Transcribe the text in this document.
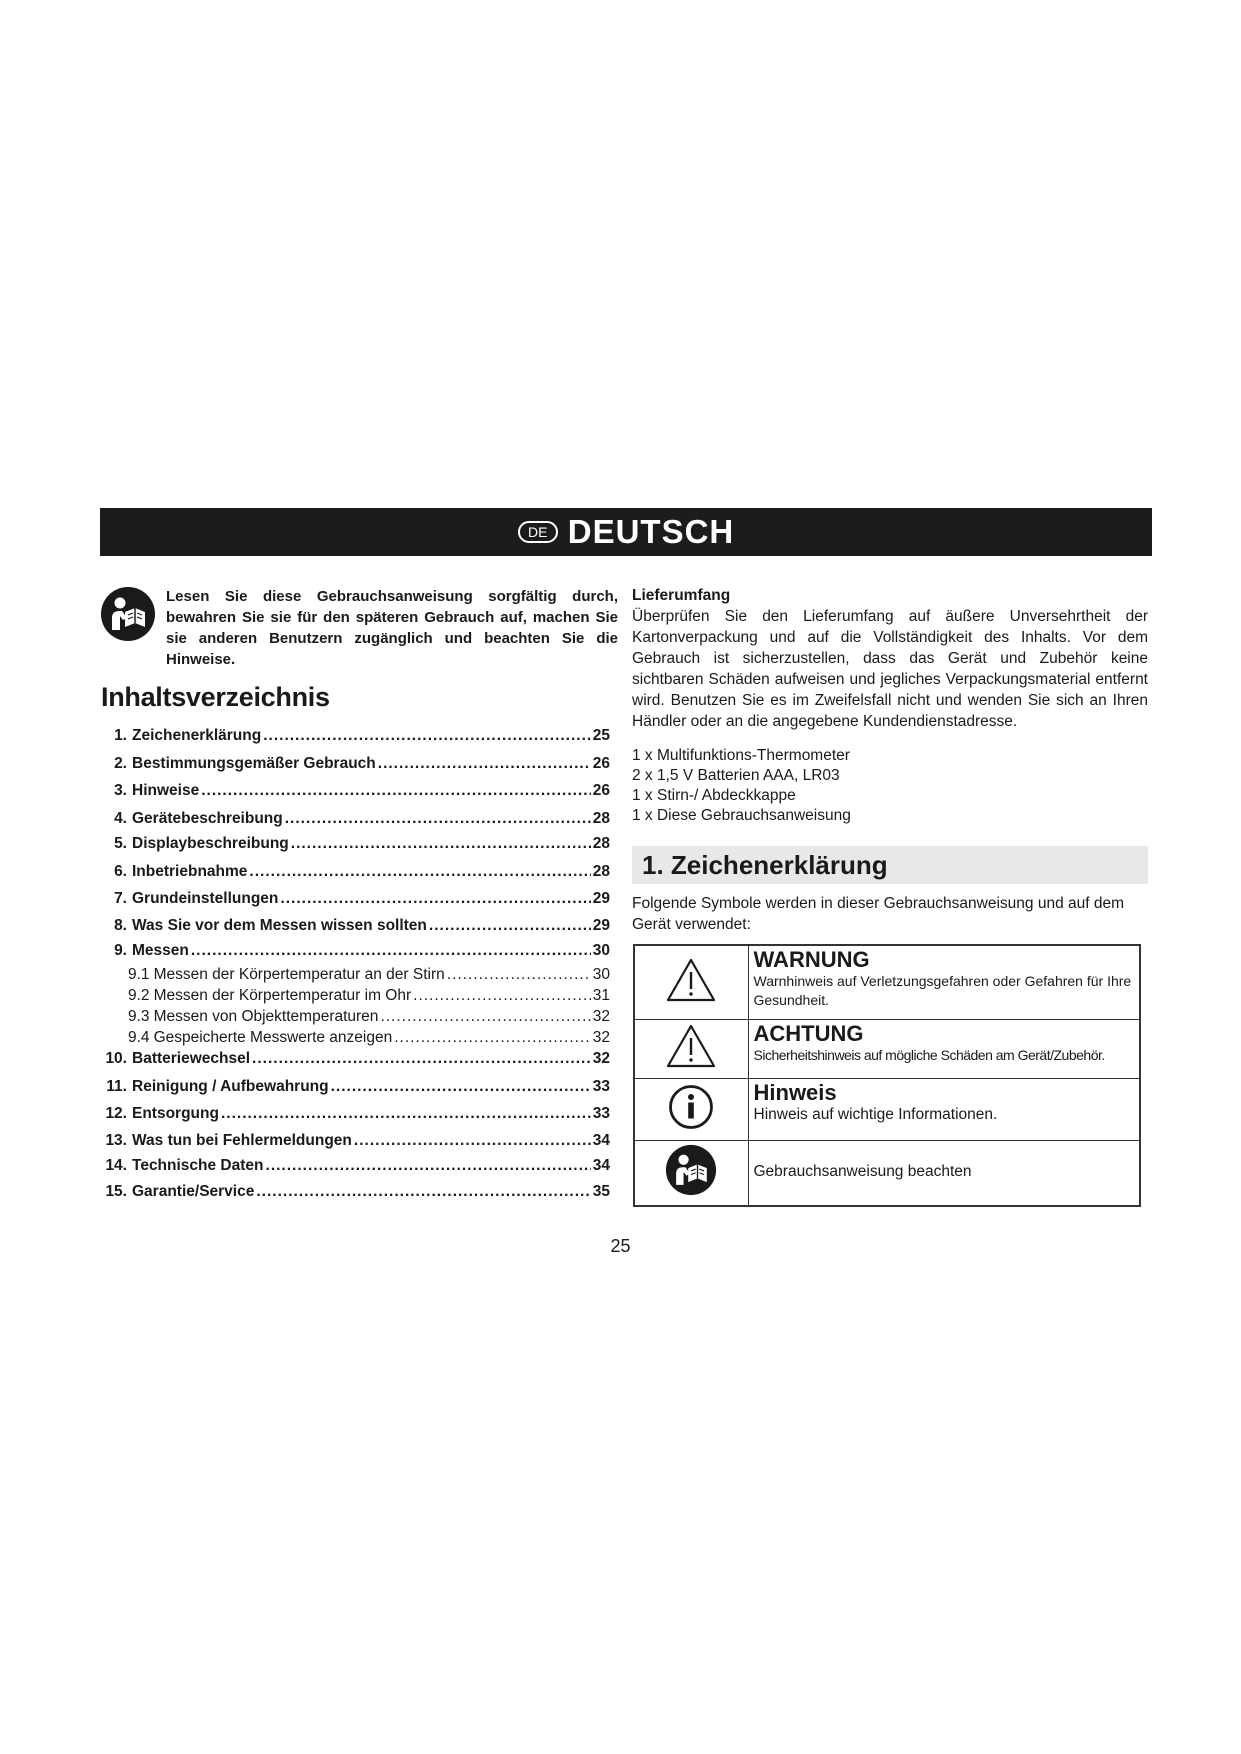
DE DEUTSCH

Lesen Sie diese Gebrauchsanweisung sorgfältig durch, bewahren Sie sie für den späteren Gebrauch auf, machen Sie sie anderen Benutzern zugänglich und beachten Sie die Hinweise.

Inhaltsverzeichnis
1. Zeichenerklärung .....	25
2. Bestimmungsgemäßer Gebrauch .....	26
3. Hinweise .....	26
4. Gerätebeschreibung .....	28
5. Displaybeschreibung .....	28
6. Inbetriebnahme .....	28
7. Grundeinstellungen .....	29
8. Was Sie vor dem Messen wissen sollten .....	29
9. Messen .....	30
9.1 Messen der Körpertemperatur an der Stirn .....	30
9.2 Messen der Körpertemperatur im Ohr .....	31
9.3 Messen von Objekttemperaturen .....	32
9.4 Gespeicherte Messwerte anzeigen .....	32
10. Batteriewechsel .....	32
11. Reinigung / Aufbewahrung .....	33
12. Entsorgung .....	33
13. Was tun bei Fehlermeldungen .....	34
14. Technische Daten .....	34
15. Garantie/Service .....	35
Lieferumfang

Überprüfen Sie den Lieferumfang auf äußere Unversehrtheit der Kartonverpackung und auf die Vollständigkeit des Inhalts. Vor dem Gebrauch ist sicherzustellen, dass das Gerät und Zubehör keine sichtbaren Schäden aufweisen und jegliches Verpackungsmaterial entfernt wird. Benutzen Sie es im Zweifelsfall nicht und wenden Sie sich an Ihren Händler oder an die angegebene Kundendienstadresse.

1 x Multifunktions-Thermometer
2 x 1,5 V Batterien AAA, LR03
1 x Stirn-/ Abdeckkappe
1 x Diese Gebrauchsanweisung
1. Zeichenerklärung

Folgende Symbole werden in dieser Gebrauchsanweisung und auf dem Gerät verwendet:

WARNUNG
Warnhinweis auf Verletzungsgefahren oder Gefahren für Ihre Gesundheit.

ACHTUNG
Sicherheitshinweis auf mögliche Schäden am Gerät/Zubehör.

Hinweis
Hinweis auf wichtige Informationen.

Gebrauchsanweisung beachten
25
